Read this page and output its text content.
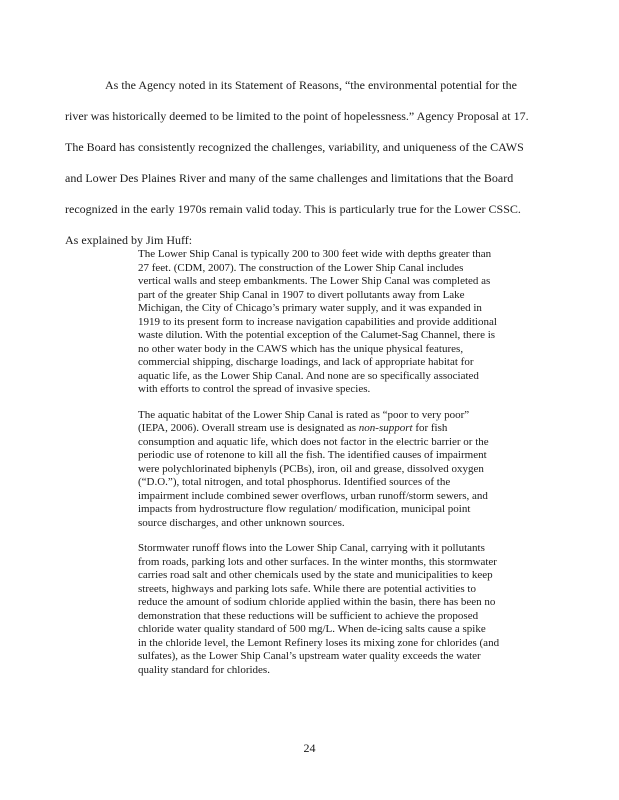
As the Agency noted in its Statement of Reasons, “the environmental potential for the
river was historically deemed to be limited to the point of hopelessness.” Agency Proposal at 17.
The Board has consistently recognized the challenges, variability, and uniqueness of the CAWS
and Lower Des Plaines River and many of the same challenges and limitations that the Board
recognized in the early 1970s remain valid today. This is particularly true for the Lower CSSC.
As explained by Jim Huff:

The Lower Ship Canal is typically 200 to 300 feet wide with depths greater than
27 feet. (CDM, 2007). The construction of the Lower Ship Canal includes
vertical walls and steep embankments. The Lower Ship Canal was completed as
part of the greater Ship Canal in 1907 to divert pollutants away from Lake
Michigan, the City of Chicago’s primary water supply, and it was expanded in
1919 to its present form to increase navigation capabilities and provide additional
waste dilution. With the potential exception of the Calumet-Sag Channel, there is
no other water body in the CAWS which has the unique physical features,
commercial shipping, discharge loadings, and lack of appropriate habitat for
aquatic life, as the Lower Ship Canal. And none are so specifically associated
with efforts to control the spread of invasive species.

The aquatic habitat of the Lower Ship Canal is rated as “poor to very poor”
(IEPA, 2006). Overall stream use is designated as non-support for fish
consumption and aquatic life, which does not factor in the electric barrier or the
periodic use of rotenone to kill all the fish. The identified causes of impairment
were polychlorinated biphenyls (PCBs), iron, oil and grease, dissolved oxygen
(“D.O.”), total nitrogen, and total phosphorus. Identified sources of the
impairment include combined sewer overflows, urban runoff/storm sewers, and
impacts from hydrostructure flow regulation/ modification, municipal point
source discharges, and other unknown sources.

Stormwater runoff flows into the Lower Ship Canal, carrying with it pollutants
from roads, parking lots and other surfaces. In the winter months, this stormwater
carries road salt and other chemicals used by the state and municipalities to keep
streets, highways and parking lots safe. While there are potential activities to
reduce the amount of sodium chloride applied within the basin, there has been no
demonstration that these reductions will be sufficient to achieve the proposed
chloride water quality standard of 500 mg/L. When de-icing salts cause a spike
in the chloride level, the Lemont Refinery loses its mixing zone for chlorides (and
sulfates), as the Lower Ship Canal’s upstream water quality exceeds the water
quality standard for chlorides.

24
